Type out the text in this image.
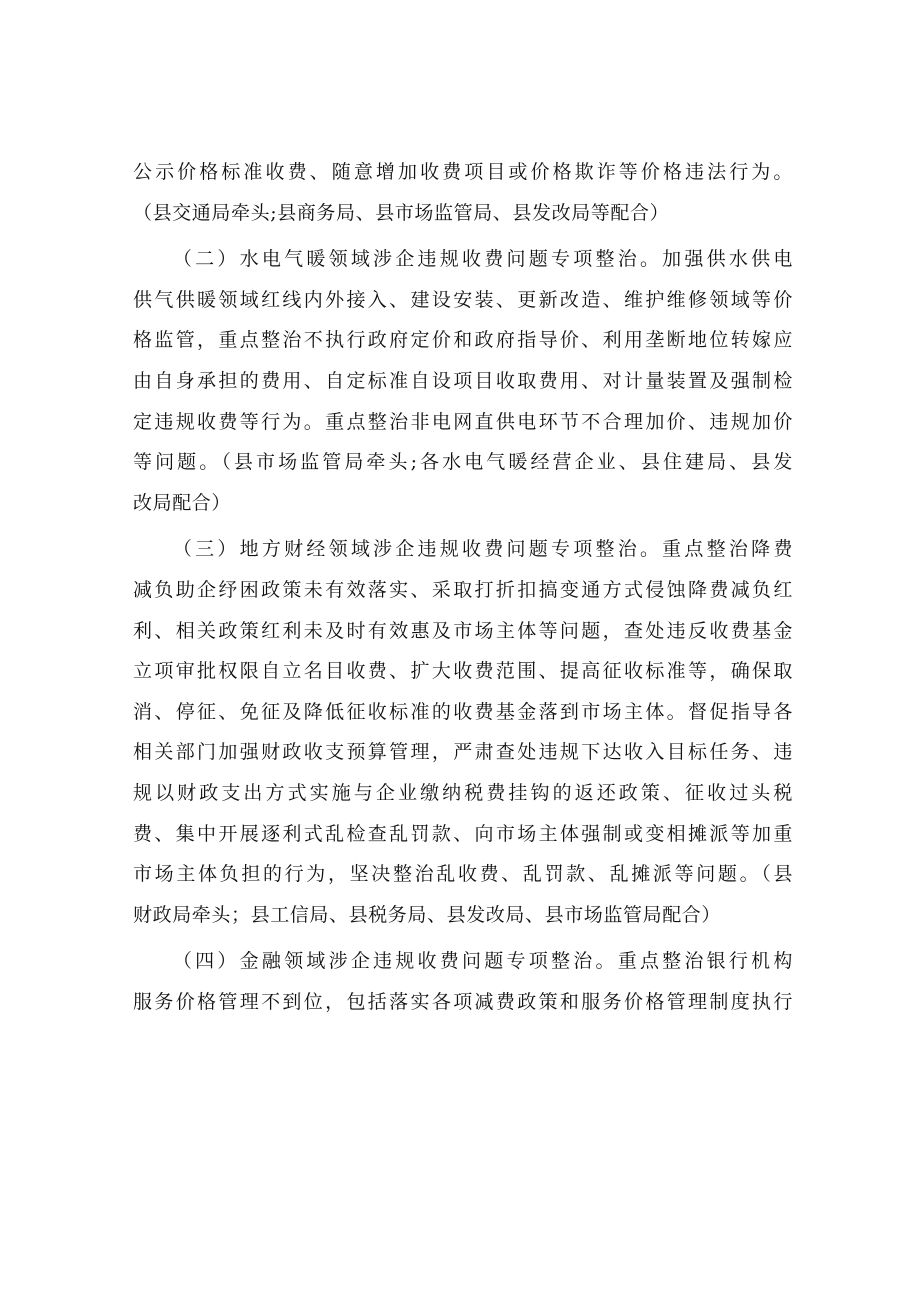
公示价格标准收费、随意增加收费项目或价格欺诈等价格违法行为。
（县交通局牵头;县商务局、县市场监管局、县发改局等配合）
（二）水电气暖领域涉企违规收费问题专项整治。加强供水供电
供气供暖领域红线内外接入、建设安装、更新改造、维护维修领域等价
格监管，重点整治不执行政府定价和政府指导价、利用垄断地位转嫁应
由自身承担的费用、自定标准自设项目收取费用、对计量装置及强制检
定违规收费等行为。重点整治非电网直供电环节不合理加价、违规加价
等问题。（县市场监管局牵头;各水电气暖经营企业、县住建局、县发
改局配合）
（三）地方财经领域涉企违规收费问题专项整治。重点整治降费
减负助企纾困政策未有效落实、采取打折扣搞变通方式侵蚀降费减负红
利、相关政策红利未及时有效惠及市场主体等问题，查处违反收费基金
立项审批权限自立名目收费、扩大收费范围、提高征收标准等，确保取
消、停征、免征及降低征收标准的收费基金落到市场主体。督促指导各
相关部门加强财政收支预算管理，严肃查处违规下达收入目标任务、违
规以财政支出方式实施与企业缴纳税费挂钩的返还政策、征收过头税
费、集中开展逐利式乱检查乱罚款、向市场主体强制或变相摊派等加重
市场主体负担的行为，坚决整治乱收费、乱罚款、乱摊派等问题。（县
财政局牵头；县工信局、县税务局、县发改局、县市场监管局配合）
（四）金融领域涉企违规收费问题专项整治。重点整治银行机构
服务价格管理不到位，包括落实各项减费政策和服务价格管理制度执行
